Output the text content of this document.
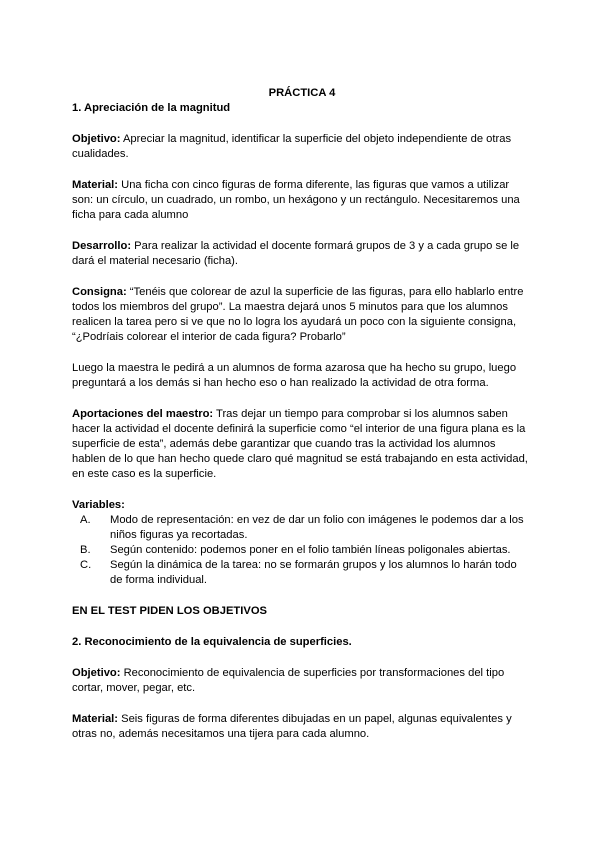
PRÁCTICA 4

1. Apreciación de la magnitud

Objetivo: Apreciar la magnitud, identificar la superficie del objeto independiente de otras cualidades.

Material: Una ficha con cinco figuras de forma diferente, las figuras que vamos a utilizar son: un círculo, un cuadrado, un rombo, un hexágono y un rectángulo. Necesitaremos una ficha para cada alumno

Desarrollo: Para realizar la actividad el docente formará grupos de 3 y a cada grupo se le dará el material necesario (ficha).

Consigna: “Tenéis que colorear de azul la superficie de las figuras, para ello hablarlo entre todos los miembros del grupo”. La maestra dejará unos 5 minutos para que los alumnos realicen la tarea pero si ve que no lo logra los ayudará un poco con la siguiente consigna, “¿Podríais colorear el interior de cada figura? Probarlo”

Luego la maestra le pedirá a un alumnos de forma azarosa que ha hecho su grupo, luego preguntará a los demás si han hecho eso o han realizado la actividad de otra forma.

Aportaciones del maestro: Tras dejar un tiempo para comprobar si los alumnos saben hacer la actividad el docente definirá la superficie como “el interior de una figura plana es la superficie de esta”, además debe garantizar que cuando tras la actividad los alumnos hablen de lo que han hecho quede claro qué magnitud se está trabajando en esta actividad, en este caso es la superficie.

Variables:

A.	Modo de representación: en vez de dar un folio con imágenes le podemos dar a los niños figuras ya recortadas.
B.	Según contenido: podemos poner en el folio también líneas poligonales abiertas.
C.	Según la dinámica de la tarea: no se formarán grupos y los alumnos lo harán todo de forma individual.

EN EL TEST PIDEN LOS OBJETIVOS

2. Reconocimiento de la equivalencia de superficies.

Objetivo: Reconocimiento de equivalencia de superficies por transformaciones del tipo cortar, mover, pegar, etc.

Material: Seis figuras de forma diferentes dibujadas en un papel, algunas equivalentes y otras no, además necesitamos una tijera para cada alumno.
